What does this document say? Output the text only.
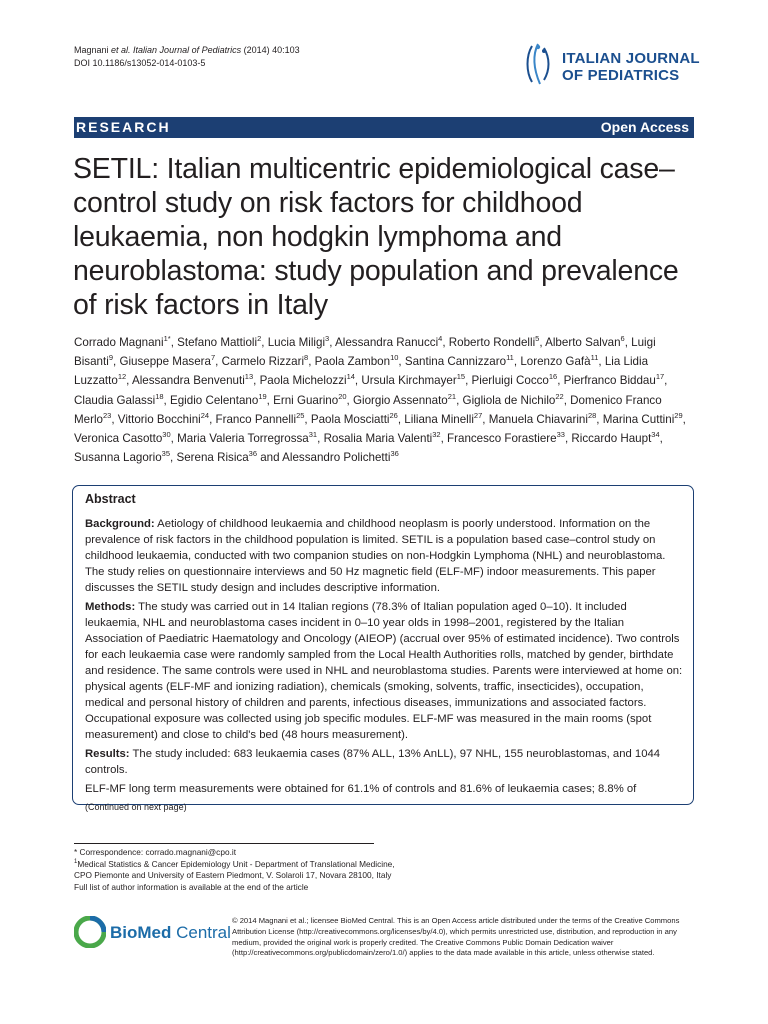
Magnani et al. Italian Journal of Pediatrics (2014) 40:103
DOI 10.1186/s13052-014-0103-5	ITALIAN JOURNAL
OF PEDIATRICS
RESEARCH	Open Access
SETIL: Italian multicentric epidemiological case–control study on risk factors for childhood leukaemia, non hodgkin lymphoma and neuroblastoma: study population and prevalence of risk factors in Italy
Corrado Magnani$^{1*}$, Stefano Mattioli$^2$, Lucia Miligi$^3$, Alessandra Ranucci$^4$, Roberto Rondelli$^5$, Alberto Salvan$^6$, Luigi Bisanti$^9$, Giuseppe Masera$^7$, Carmelo Rizzari$^8$, Paola Zambon$^{10}$, Santina Cannizzaro$^{11}$, Lorenzo Gafà$^{11}$, Lia Lidia Luzzatto$^{12}$, Alessandra Benvenuti$^{13}$, Paola Michelozzi$^{14}$, Ursula Kirchmayer$^{15}$, Pierluigi Cocco$^{16}$, Pierfranco Biddau$^{17}$, Claudia Galassi$^{18}$, Egidio Celentano$^{19}$, Erni Guarino$^{20}$, Giorgio Assennato$^{21}$, Gigliola de Nichilo$^{22}$, Domenico Franco Merlo$^{23}$, Vittorio Bocchini$^{24}$, Franco Pannelli$^{25}$, Paola Mosciatti$^{26}$, Liliana Minelli$^{27}$, Manuela Chiavarini$^{28}$, Marina Cuttini$^{29}$, Veronica Casotto$^{30}$, Maria Valeria Torregrossa$^{31}$, Rosalia Maria Valenti$^{32}$, Francesco Forastiere$^{33}$, Riccardo Haupt$^{34}$, Susanna Lagorio$^{35}$, Serena Risica$^{36}$ and Alessandro Polichetti$^{36}$
Abstract

Background: Aetiology of childhood leukaemia and childhood neoplasm is poorly understood. Information on the prevalence of risk factors in the childhood population is limited. SETIL is a population based case–control study on childhood leukaemia, conducted with two companion studies on non-Hodgkin Lymphoma (NHL) and neuroblastoma. The study relies on questionnaire interviews and 50 Hz magnetic field (ELF-MF) indoor measurements. This paper discusses the SETIL study design and includes descriptive information.

Methods: The study was carried out in 14 Italian regions (78.3% of Italian population aged 0–10). It included leukaemia, NHL and neuroblastoma cases incident in 0–10 year olds in 1998–2001, registered by the Italian Association of Paediatric Haematology and Oncology (AIEOP) (accrual over 95% of estimated incidence). Two controls for each leukaemia case were randomly sampled from the Local Health Authorities rolls, matched by gender, birthdate and residence. The same controls were used in NHL and neuroblastoma studies. Parents were interviewed at home on: physical agents (ELF-MF and ionizing radiation), chemicals (smoking, solvents, traffic, insecticides), occupation, medical and personal history of children and parents, infectious diseases, immunizations and associated factors. Occupational exposure was collected using job specific modules. ELF-MF was measured in the main rooms (spot measurement) and close to child's bed (48 hours measurement).

Results: The study included: 683 leukaemia cases (87% ALL, 13% AnLL), 97 NHL, 155 neuroblastomas, and 1044 controls.

ELF-MF long term measurements were obtained for 61.1% of controls and 81.6% of leukaemia cases; 8.8% of

(Continued on next page)
* Correspondence: corrado.magnani@cpo.it
$^1$Medical Statistics & Cancer Epidemiology Unit - Department of Translational Medicine, CPO Piemonte and University of Eastern Piedmont, V. Solaroli 17, Novara 28100, Italy
Full list of author information is available at the end of the article
BioMed Central
© 2014 Magnani et al.; licensee BioMed Central. This is an Open Access article distributed under the terms of the Creative Commons Attribution License (http://creativecommons.org/licenses/by/4.0), which permits unrestricted use, distribution, and reproduction in any medium, provided the original work is properly credited. The Creative Commons Public Domain Dedication waiver (http://creativecommons.org/publicdomain/zero/1.0/) applies to the data made available in this article, unless otherwise stated.
